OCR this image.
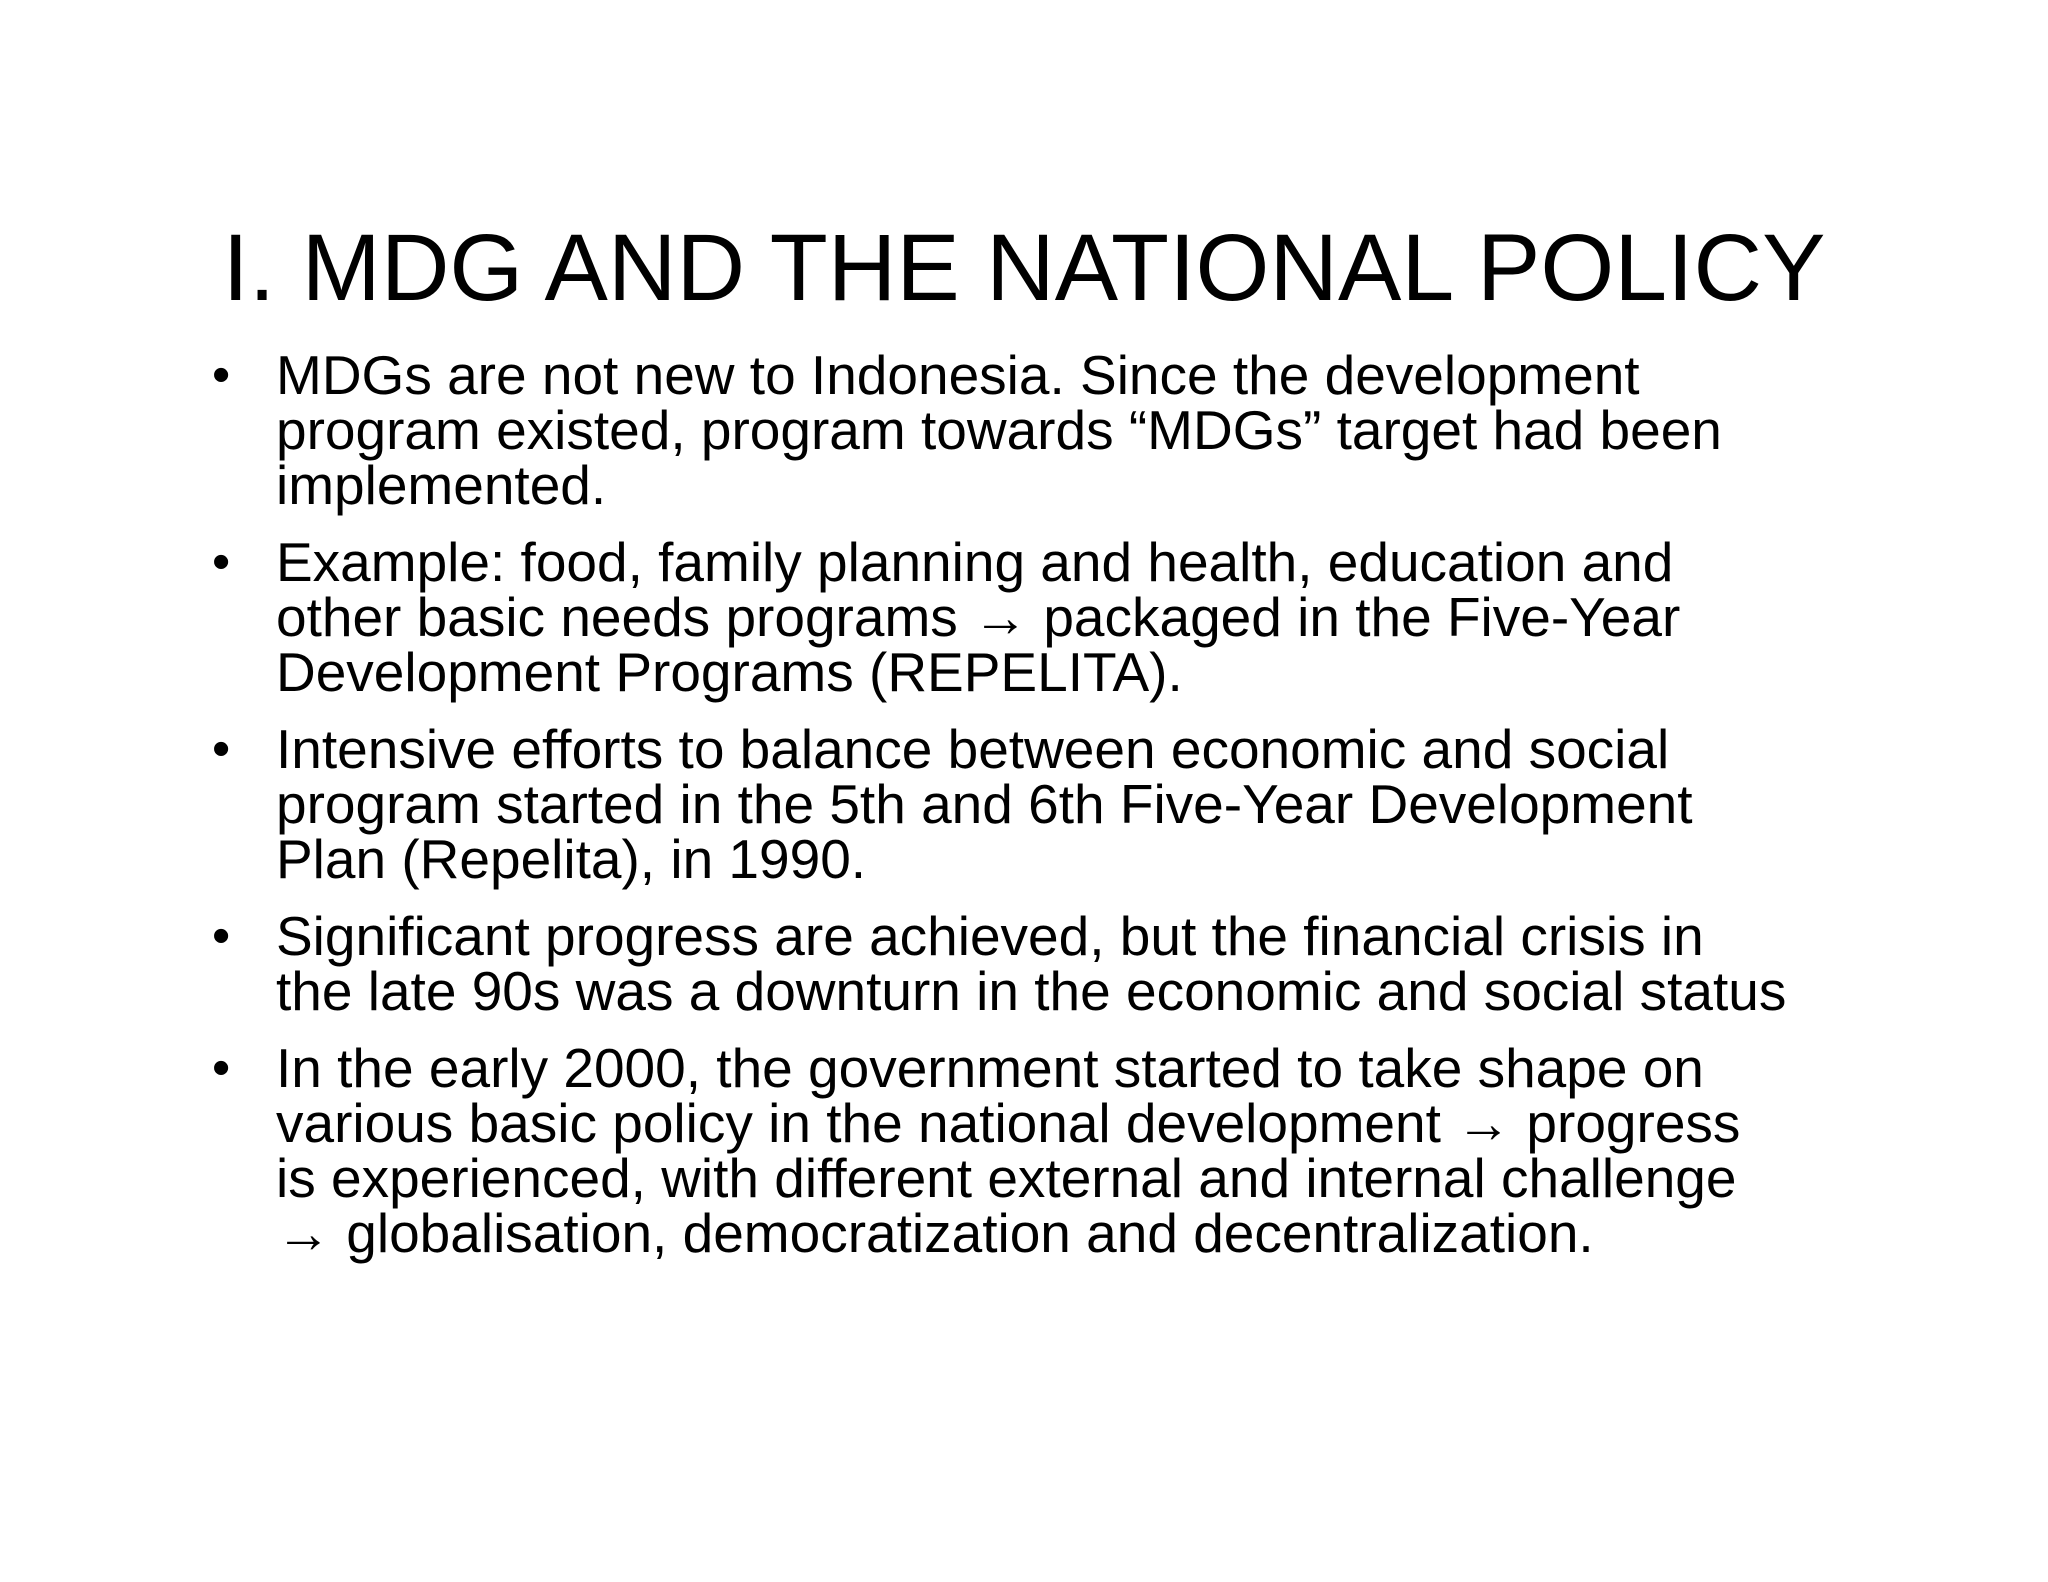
I. MDG AND THE NATIONAL POLICY
• MDGs are not new to Indonesia. Since the development
program existed, program towards “MDGs” target had been
implemented.
• Example: food, family planning and health, education and
other basic needs programs → packaged in the Five-Year
Development Programs (REPELITA).
• Intensive efforts to balance between economic and social
program started in the 5th and 6th Five-Year Development
Plan (Repelita), in 1990.
• Significant progress are achieved, but the financial crisis in
the late 90s was a downturn in the economic and social status
• In the early 2000, the government started to take shape on
various basic policy in the national development → progress
is experienced, with different external and internal challenge
→ globalisation, democratization and decentralization.
